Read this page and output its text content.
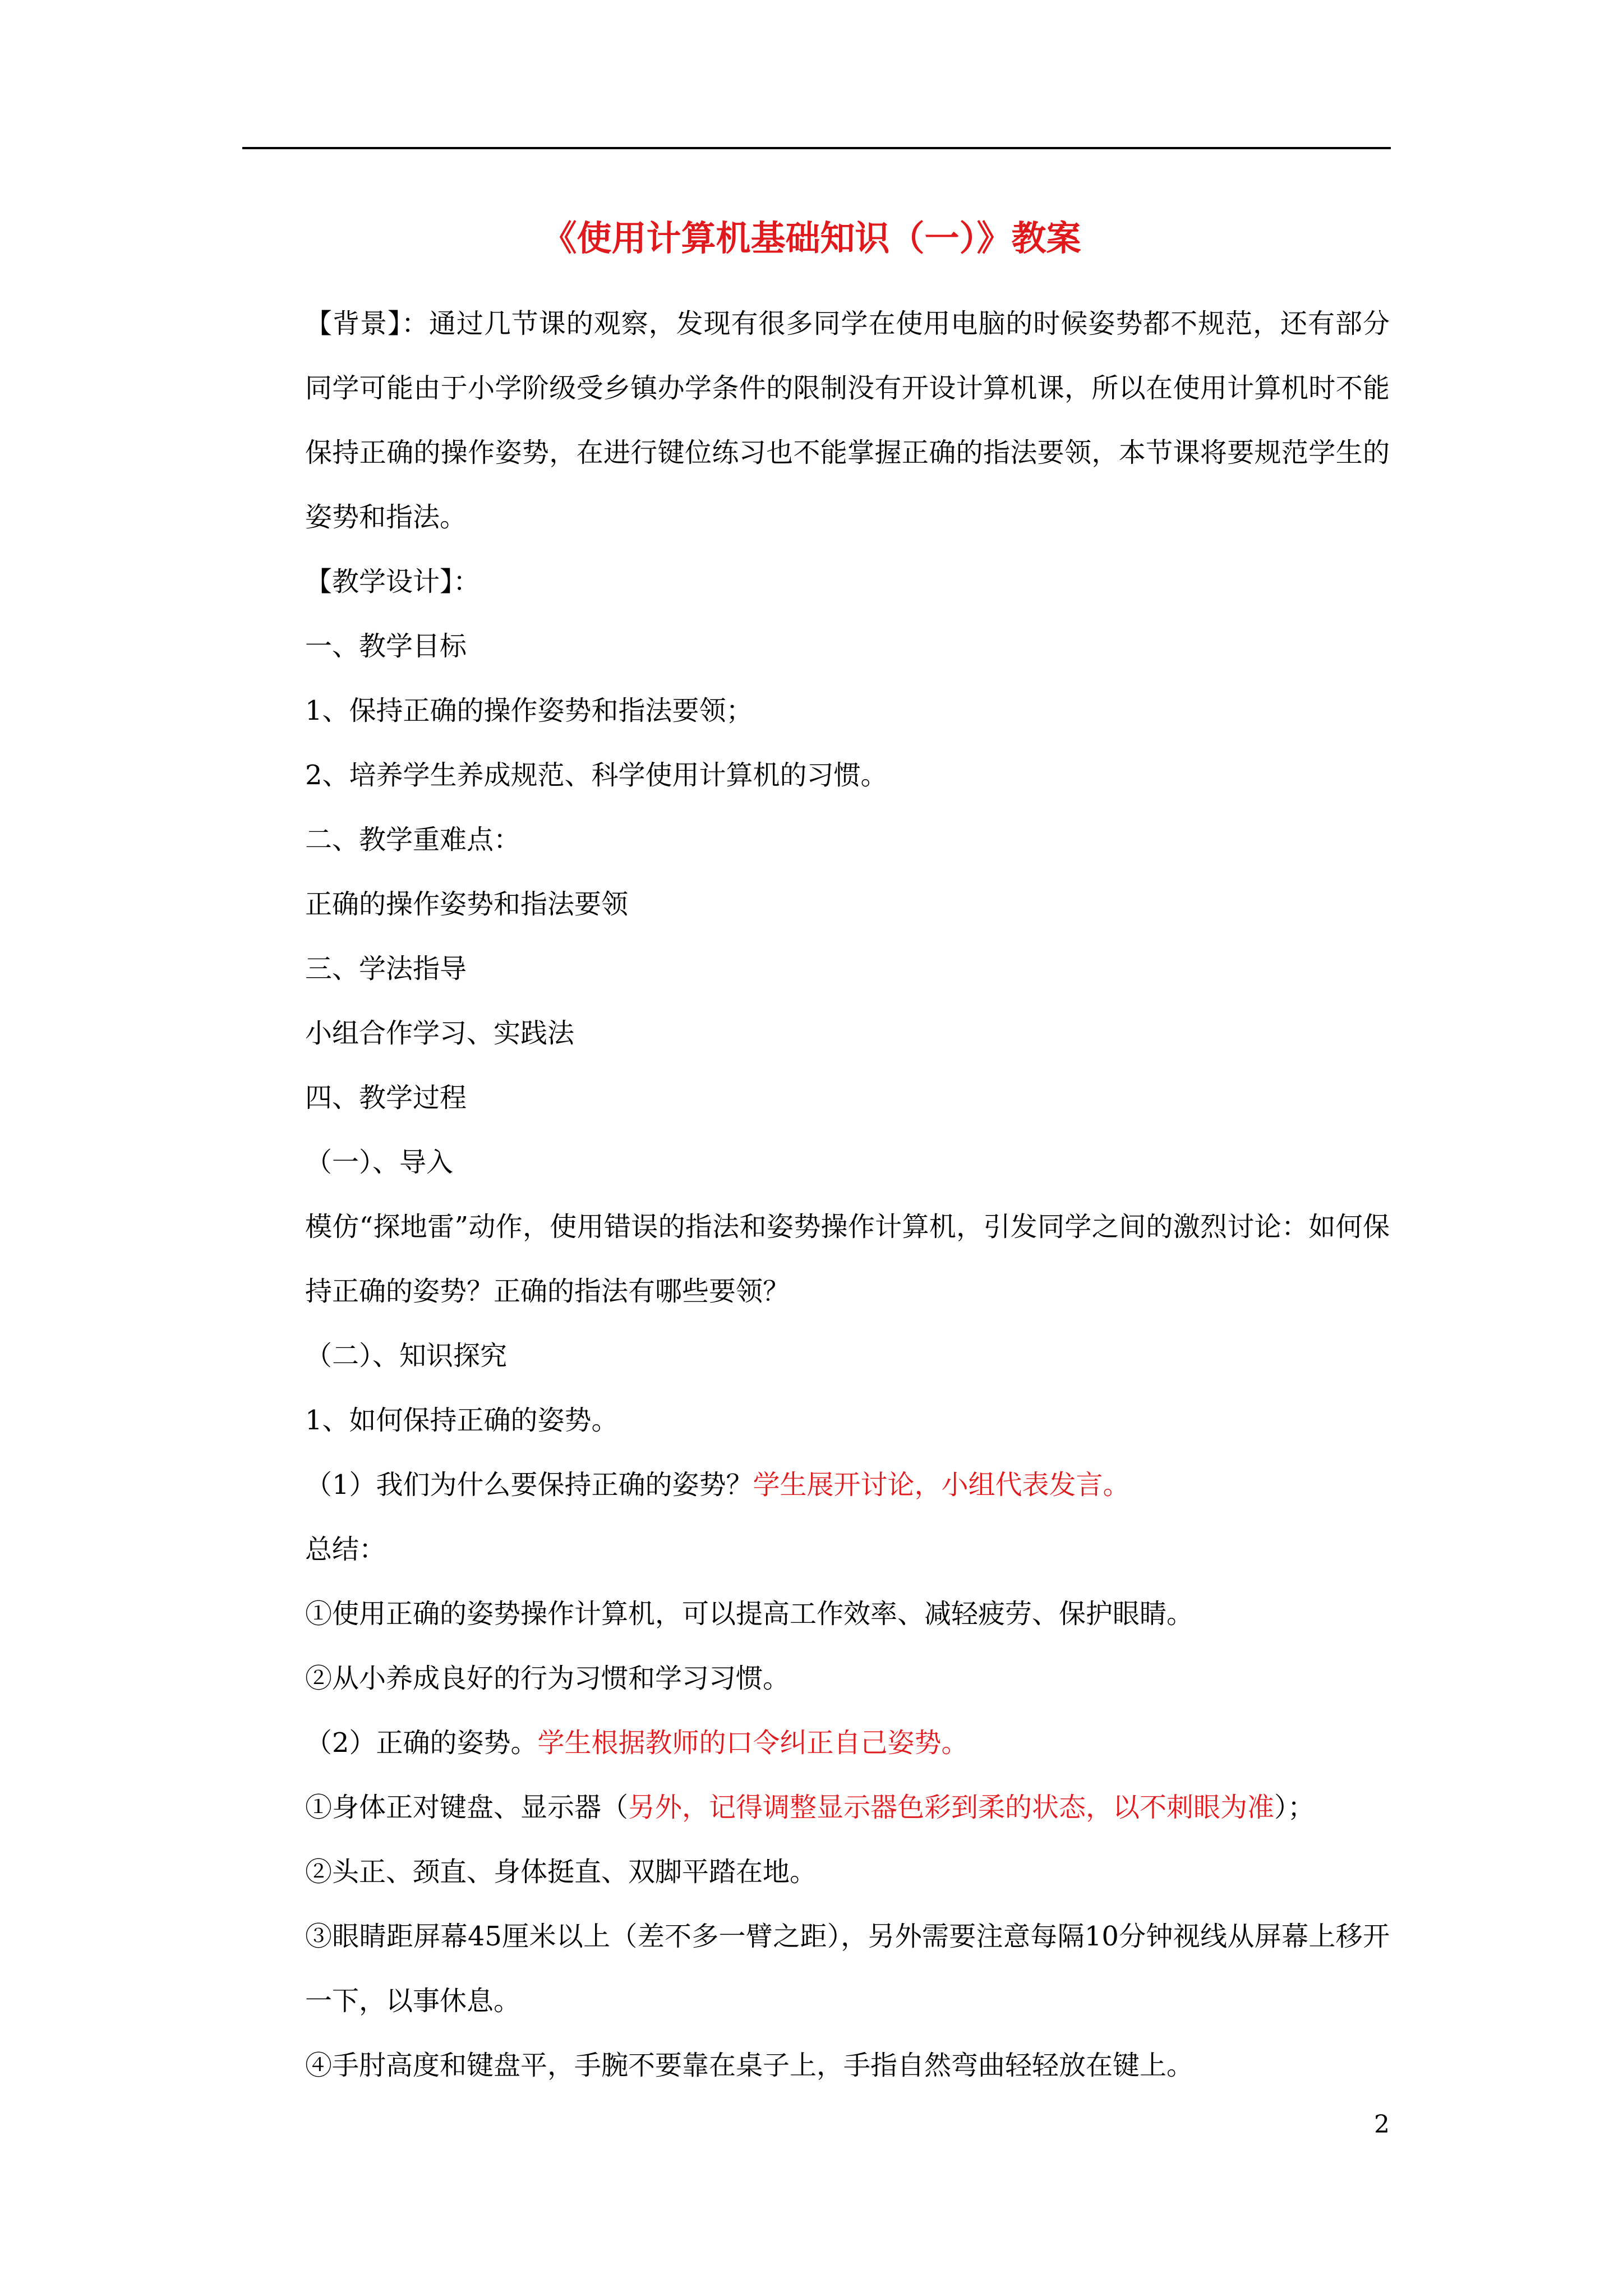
《使用计算机基础知识（一）》教案

【背景】：通过几节课的观察，发现有很多同学在使用电脑的时候姿势都不规范，还有部分同学可能由于小学阶级受乡镇办学条件的限制没有开设计算机课，所以在使用计算机时不能保持正确的操作姿势，在进行键位练习也不能掌握正确的指法要领，本节课将要规范学生的姿势和指法。

【教学设计】：

一、教学目标

1、保持正确的操作姿势和指法要领；

2、培养学生养成规范、科学使用计算机的习惯。

二、教学重难点：

正确的操作姿势和指法要领

三、学法指导

小组合作学习、实践法

四、教学过程

（一）、导入

模仿“探地雷”动作，使用错误的指法和姿势操作计算机，引发同学之间的激烈讨论：如何保持正确的姿势？正确的指法有哪些要领？

（二）、知识探究

1、如何保持正确的姿势。

（1）我们为什么要保持正确的姿势？学生展开讨论，小组代表发言。

总结：

①使用正确的姿势操作计算机，可以提高工作效率、减轻疲劳、保护眼睛。

②从小养成良好的行为习惯和学习习惯。

（2）正确的姿势。学生根据教师的口令纠正自己姿势。

①身体正对键盘、显示器（另外，记得调整显示器色彩到柔的状态，以不刺眼为准）；

②头正、颈直、身体挺直、双脚平踏在地。

③眼睛距屏幕45厘米以上（差不多一臂之距），另外需要注意每隔10分钟视线从屏幕上移开一下，以事休息。

④手肘高度和键盘平，手腕不要靠在桌子上，手指自然弯曲轻轻放在键上。

2
